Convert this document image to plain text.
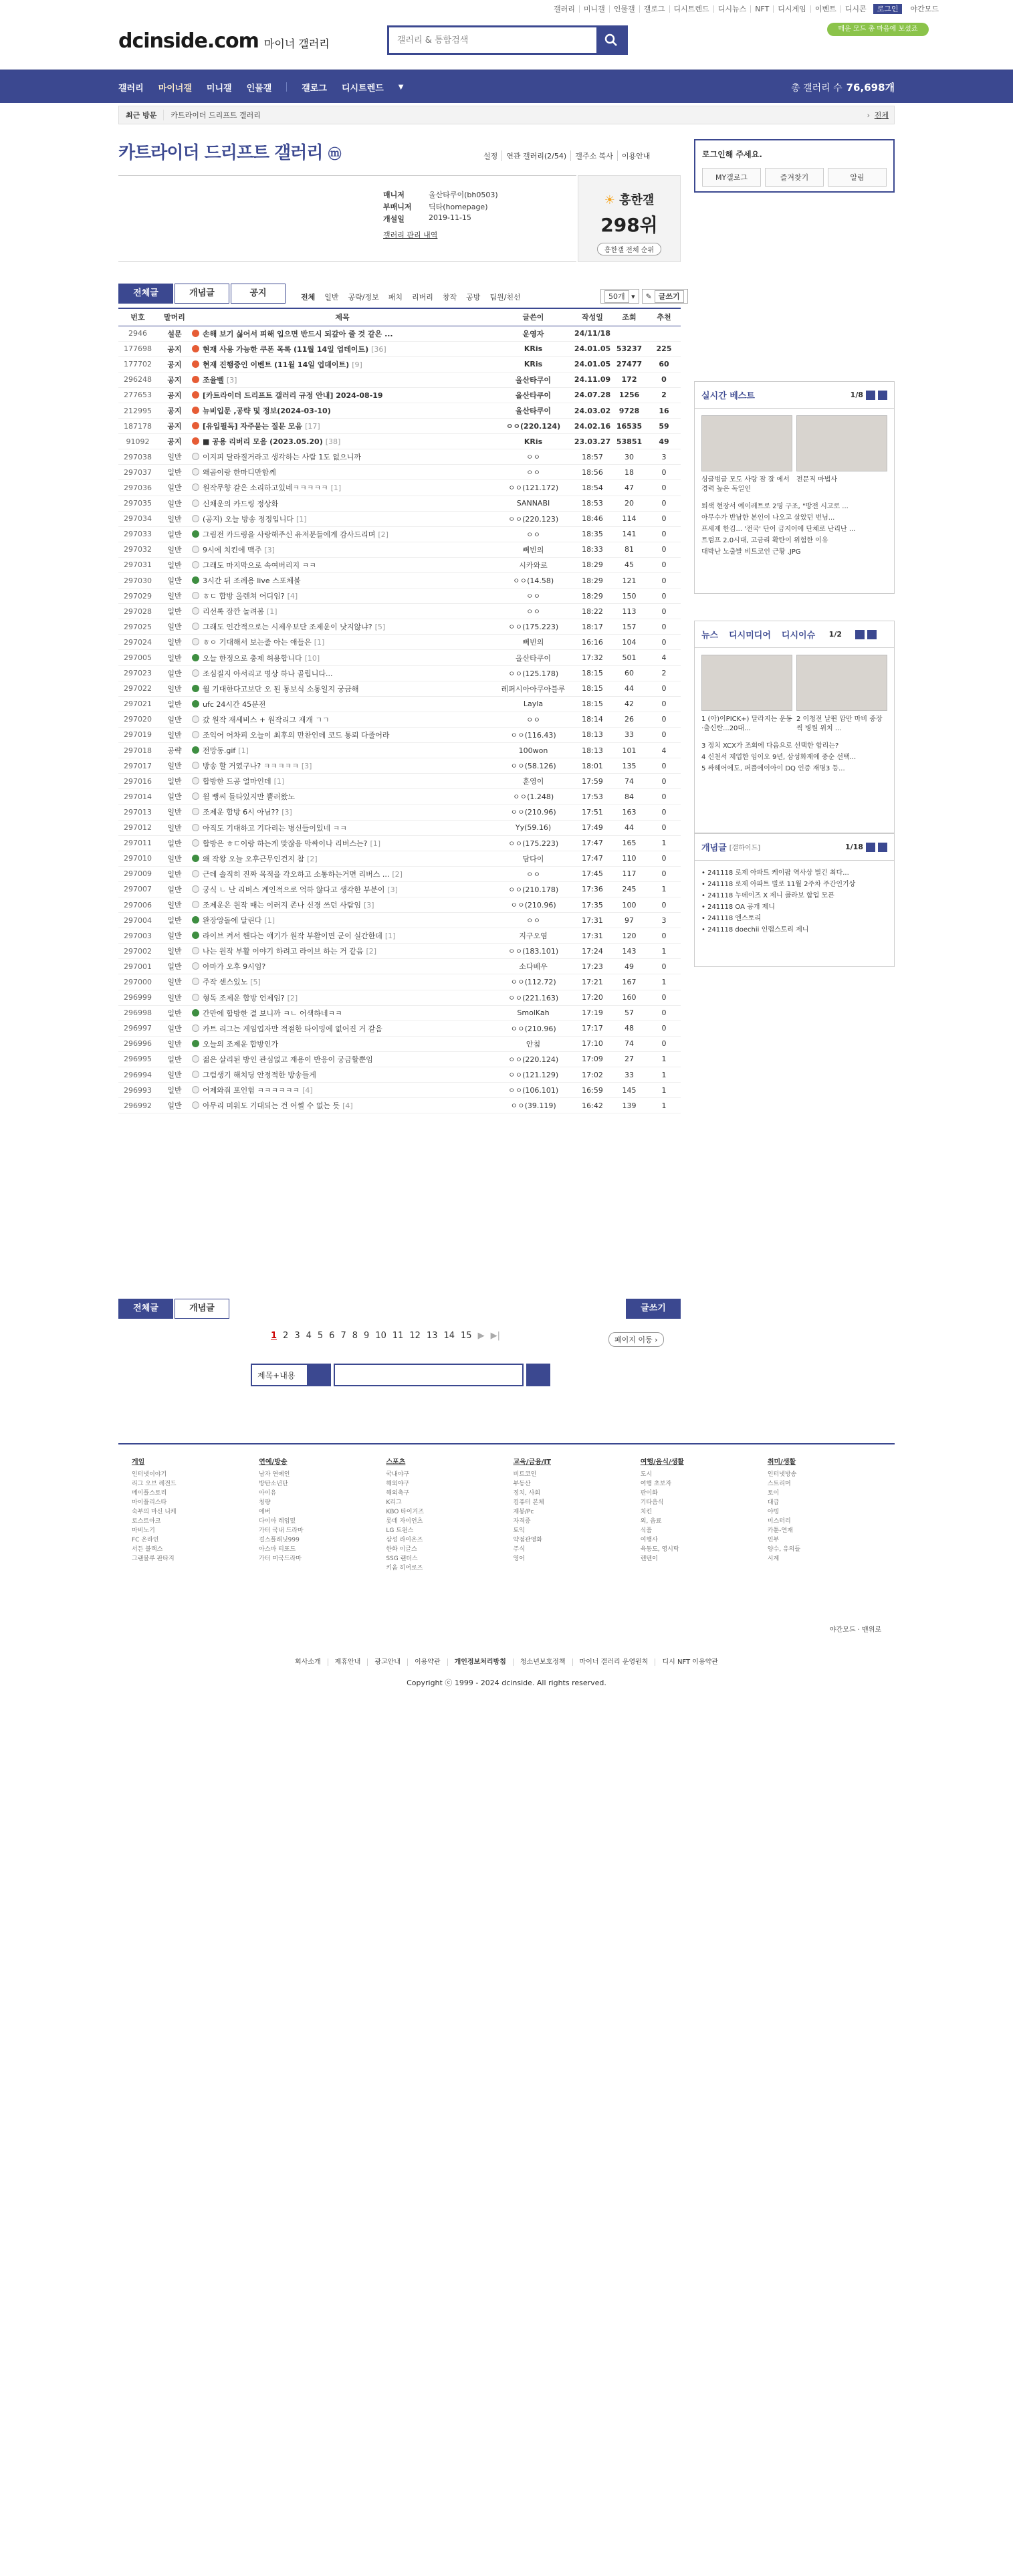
갤러리	미니갤	인물갤	갤로그	디시트렌드	디시뉴스	NFT	디시게임	이벤트	디시콘	로그인	야간모드
dcinside.com 마이너 갤러리
갤러리 & 통합검색
매운 모드 총 마음에 보셨죠
갤러리 마이너갤 미니갤 인물갤	갤로그 디시트렌드 ▼	총 갤러리 수 76,698개
최근 방문	카트라이더 드리프트 갤러리	› 전체
카트라이더 드리프트 갤러리 ⓜ	설정	연관 갤러리(2/54)	갤주소 복사	이용안내
매니저	올산타쿠이(bh0503)
부매니저	딕타(homepage)
개설일	2019-11-15
갤러리 관리 내역
☀ 흥한갤
298위
흥한갤 전체 순위
로그인해 주세요.
MY갤로그	즐겨찾기	알림
전체글	개념글	공지	전체 일반 공략/정보 패치 리버리 창작 공방 팀원/친선	50개 ▾	✎ 글쓰기
번호	말머리	제목	글쓴이	작성일	조회	추천
2946	설문	손해 보기 싫어서 피해 입으면 반드시 되갚아 줄 것 같은 ...	운영자	24/11/18		
177698	공지	현재 사용 가능한 쿠폰 목록 (11월 14일 업데이트) [36]	KRis	24.01.05	53237	225
177702	공지	현재 진행중인 이벤트 (11월 14일 업데이트) [9]	KRis	24.01.05	27477	60
296248	공지	조율벨 [3]	올산타쿠이	24.11.09	172	0
277653	공지	[카트라이더 드리프트 갤러리 규정 안내] 2024-08-19	올산타쿠이	24.07.28	1256	2
212995	공지	뉴비입문 ,공략 및 정보(2024-03-10)	올산타쿠이	24.03.02	9728	16
187178	공지	[유입필독] 자주묻는 질문 모음 [17]	ㅇㅇ(220.124)	24.02.16	16535	59
91092	공지	■ 공용 리버리 모음 (2023.05.20) [38]	KRis	23.03.27	53851	49
297038	일반	이지피 달라질거라고 생각하는 사람 1도 없으니까	ㅇㅇ	18:57	30	3
297037	일반	왜곰이랑 한마디만함께	ㅇㅇ	18:56	18	0
297036	일반	원작무향 같은 소리하고있네ㅋㅋㅋㅋㅋ [1]	ㅇㅇ(121.172)	18:54	47	0
297035	일반	신채운의 카드링 정상화	SANNABI	18:53	20	0
297034	일반	(공지) 오늘 방송 정정입니다 [1]	ㅇㅇ(220.123)	18:46	114	0
297033	일반	그림전 카드링을 사랑해주신 유저분들에게 감사드리며 [2]	ㅇㅇ	18:35	141	0
297032	일반	9시에 치킨에 맥주 [3]	뻬빈의	18:33	81	0
297031	일반	그래도 마지막으로 속여버리지 ㅋㅋ	시카와로	18:29	45	0
297030	일반	3시간 뒤 조례용 live 스포체불	ㅇㅇ(14.58)	18:29	121	0
297029	일반	ㅎㄷ 합방 올렌쳐 어디임? [4]	ㅇㅇ	18:29	150	0
297028	일반	리선록 잠깐 놀려봄 [1]	ㅇㅇ	18:22	113	0
297025	일반	그래도 인간적으로는 시제우보단 조제운이 낫지않냐? [5]	ㅇㅇ(175.223)	18:17	157	0
297024	일반	ㅎㅇ 기대해서 보는줄 아는 애들은 [1]	뻬빈의	16:16	104	0
297005	일반	오늘 한정으로 충제 허용합니다 [10]	올산타쿠이	17:32	501	4
297023	일반	조심질지 아서리고 명상 하나 골립니다...	ㅇㅇ(125.178)	18:15	60	2
297022	일반	월 기대한다고보단 오 된 통보식 소통일지 궁금해	레퍼시아아쿠아블루	18:15	44	0
297021	일반	ufc 24시간 45분전	Layla	18:15	42	0
297020	일반	갔 원작 재세비스 + 원작리그 재개 ㄱㄱ	ㅇㅇ	18:14	26	0
297019	일반	조익어 어차피 오늘이 최후의 만찬인데 코드 통뢰 다줄어라	ㅇㅇ(116.43)	18:13	33	0
297018	공략	전망동.gif [1]	100won	18:13	101	4
297017	일반	방송 할 거였구나? ㅋㅋㅋㅋㅋ [3]	ㅇㅇ(58.126)	18:01	135	0
297016	일반	합방한 드공 얼마인데 [1]	훈영이	17:59	74	0
297014	일반	월 뻥씨 들타있지만 뿔러왔노	ㅇㅇ(1.248)	17:53	84	0
297013	일반	조제운 합방 6시 아님?? [3]	ㅇㅇ(210.96)	17:51	163	0
297012	일반	아직도 기대하고 기다리는 병신들이있네 ㅋㅋ	Yy(59.16)	17:49	44	0
297011	일반	합방은 ㅎㄷ이랑 하는게 맞잖음 막싸이나 리버스는? [1]	ㅇㅇ(175.223)	17:47	165	1
297010	일반	왜 작왕 오늘 오후근무인건지 참 [2]	담다이	17:47	110	0
297009	일반	근데 솔직히 진짜 목적을 각오하고 소통하는거면 리버스 ... [2]	ㅇㅇ	17:45	117	0
297007	일반	궁식 ㄴ 난 리버스 계인적으로 억하 않다고 생각한 부분이 [3]	ㅇㅇ(210.178)	17:36	245	1
297006	일반	조제운은 원작 때는 이러지 존나 신경 쓰던 사람임 [3]	ㅇㅇ(210.96)	17:35	100	0
297004	일반	완장앙돌에 달린다 [1]	ㅇㅇ	17:31	97	3
297003	일반	라이브 켜서 핸다는 얘기가 원작 부활이면 군이 실간한데 [1]	지구오염	17:31	120	0
297002	일반	나는 원작 부활 이야기 하려고 라이브 하는 거 같음 [2]	ㅇㅇ(183.101)	17:24	143	1
297001	일반	아마가 오후 9시임?	소다베우	17:23	49	0
297000	일반	주작 센스있노 [5]	ㅇㅇ(112.72)	17:21	167	1
296999	일반	형독 조제운 합방 언제임? [2]	ㅇㅇ(221.163)	17:20	160	0
296998	일반	간만에 합방한 결 보니까 ㅋㄴ 어색하네ㅋㅋ	SmolKah	17:19	57	0
296997	일반	카트 리그는 게임업자만 적절한 타이밍에 없어진 거 같음	ㅇㅇ(210.96)	17:17	48	0
296996	일반	오늘의 조제운 합방인가	안첨	17:10	74	0
296995	일반	젊은 살리된 방인 관심없고 재용이 반응이 궁금할뿐임	ㅇㅇ(220.124)	17:09	27	1
296994	일반	그럼생기 해치딩 안정적한 방송들게	ㅇㅇ(121.129)	17:02	33	1
296993	일반	어제와줘 포인험 ㅋㅋㅋㅋㅋㅋ [4]	ㅇㅇ(106.101)	16:59	145	1
296992	일반	아무리 미워도 기대되는 건 어쩔 수 없는 듯 [4]	ㅇㅇ(39.119)	16:42	139	1
전체글	개념글	글쓰기
1 2 3 4 5 6 7 8 9 10 11 12 13 14 15 ▶ ▶|	페이지 이동 ›
제목+내용
실시간 베스트	1/8
싱글벙글 모도 사랑 잠 잘 에서 경력 높은 독일인
전문직 마법사
퇴색 현장서 예이레트로 2명 구조, "방전 시고로 ...
아무수가 반남한 본인이 나오고 살았던 번님...
프세제 한김... '전국' 단어 금지어에 단체로 난리난 ...
트럼프 2.0시대, 고금리 확탄이 위험한 이유
대박난 노출발 비트코인 근황 .JPG
뉴스 디시미디어 디시이슈 1/2
1 (아)이PICK+) 달라지는 운동·출신란...20대...
2 이청전 날뛴 암만 마비 중장 씩 병원 위치 ...
3 정치 XCX가 조회에 다음으로 선택한 합리는?
4 신천서 제업한 임이오 9년, 삼성화재에 중순 선택...
5 싸헤어에도, 퍼플에이아이 DQ 인증 재명3 등...
개념글 [갤하이드]	1/18
• 241118 로제 아파트 케이팝 역사상 벌긴 최다...
• 241118 로제 아파트 빌로 11월 2주차 주간인기상
• 241118 누데이즈 X 제니 콜라보 합업 모픈
• 241118 OA 공개 제니
• 241118 엔스토리
• 241118 doechii 인랩스토리 제니
게임
인터넷이야기
리그 오브 레전드
메이플스토리
마이플리스타
숙부의 마신 니케
로스트아크
마비노기
FC 온라인
서든 블랙스
그랜블루 판타지
연예/방송
남자 연예인
방탄소년단
아이유
청량
에버
다이아 레임밌
가터 국내 드라마
걸스플래닛999
아스마 티포드
가터 미국드라마
스포츠
국내야구
해외야구
해외축구
K리그
KBO 타이거즈
롯데 자이언츠
LG 트윈스
삼성 라이온즈
한화 이글스
SSG 랜더스
키움 히어로즈
교육/금융/IT
비트코인
부동산
정치, 사회
컴퓨터 본체
재봉/Pc
자격증
토익
약점관영화
주식
영어
여행/음식/생활
도시
여행 초보자
판이화
기타음식
치킨
외, 음료
식품
여행사
육동도, 영시탁
렌텐이
취미/생활
인터넷방송
스트리머
토이
대급
야빙
미스터리
카툰-연재
인부
양수, 유의들
시계
야간모드 · 맨위로
회사소개 제휴안내 광고안내 이용약관 개인정보처리방침 청소년보호정책 마이너 갤러리 운영원칙 디시 NFT 이용약관
Copyright ⓒ 1999 - 2024 dcinside. All rights reserved.
